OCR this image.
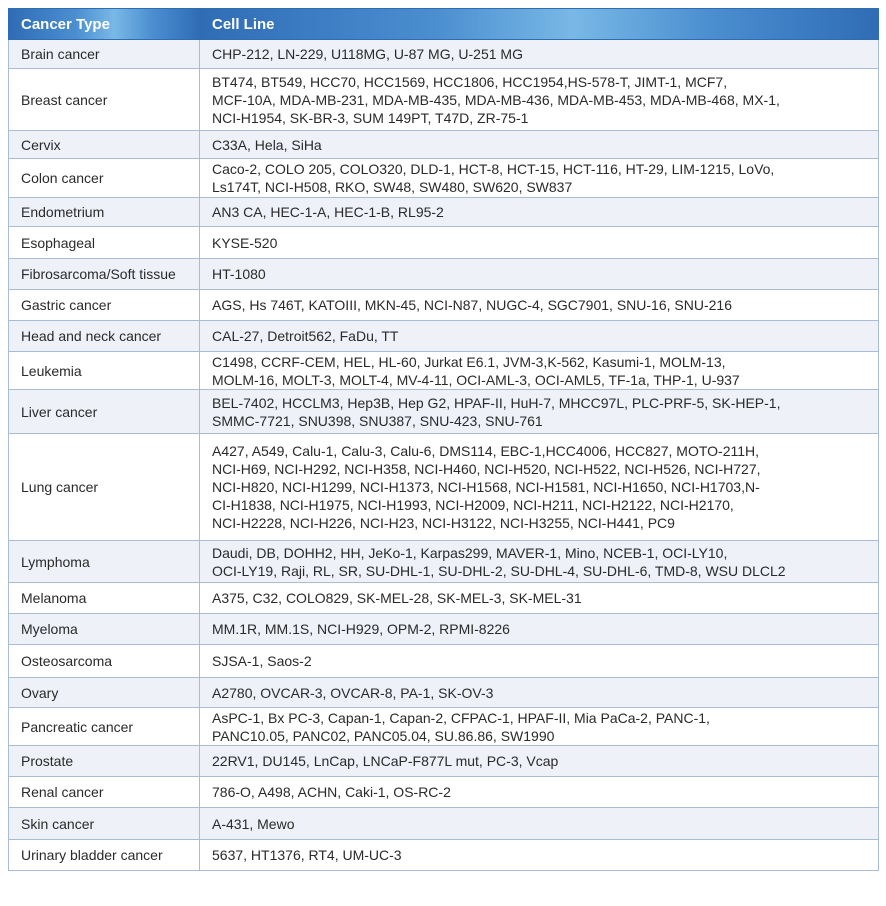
Cancer Type	Cell Line
Brain cancer	CHP-212, LN-229, U118MG, U-87 MG, U-251 MG
Breast cancer	BT474, BT549, HCC70, HCC1569, HCC1806, HCC1954,HS-578-T, JIMT-1, MCF7,
MCF-10A, MDA-MB-231, MDA-MB-435, MDA-MB-436, MDA-MB-453, MDA-MB-468, MX-1,
NCI-H1954, SK-BR-3, SUM 149PT, T47D, ZR-75-1
Cervix	C33A, Hela, SiHa
Colon cancer	Caco-2, COLO 205, COLO320, DLD-1, HCT-8, HCT-15, HCT-116, HT-29, LIM-1215, LoVo,
Ls174T, NCI-H508, RKO, SW48, SW480, SW620, SW837
Endometrium	AN3 CA, HEC-1-A, HEC-1-B, RL95-2
Esophageal	KYSE-520
Fibrosarcoma/Soft tissue	HT-1080
Gastric cancer	AGS, Hs 746T, KATOIII, MKN-45, NCI-N87, NUGC-4, SGC7901, SNU-16, SNU-216
Head and neck cancer	CAL-27, Detroit562, FaDu, TT
Leukemia	C1498, CCRF-CEM, HEL, HL-60, Jurkat E6.1, JVM-3,K-562, Kasumi-1, MOLM-13,
MOLM-16, MOLT-3, MOLT-4, MV-4-11, OCI-AML-3, OCI-AML5, TF-1a, THP-1, U-937
Liver cancer	BEL-7402, HCCLM3, Hep3B, Hep G2, HPAF-II, HuH-7, MHCC97L, PLC-PRF-5, SK-HEP-1,
SMMC-7721, SNU398, SNU387, SNU-423, SNU-761
Lung cancer	A427, A549, Calu-1, Calu-3, Calu-6, DMS114, EBC-1,HCC4006, HCC827, MOTO-211H,
NCI-H69, NCI-H292, NCI-H358, NCI-H460, NCI-H520, NCI-H522, NCI-H526, NCI-H727,
NCI-H820, NCI-H1299, NCI-H1373, NCI-H1568, NCI-H1581, NCI-H1650, NCI-H1703,N-
CI-H1838, NCI-H1975, NCI-H1993, NCI-H2009, NCI-H211, NCI-H2122, NCI-H2170,
NCI-H2228, NCI-H226, NCI-H23, NCI-H3122, NCI-H3255, NCI-H441, PC9
Lymphoma	Daudi, DB, DOHH2, HH, JeKo-1, Karpas299, MAVER-1, Mino, NCEB-1, OCI-LY10,
OCI-LY19, Raji, RL, SR, SU-DHL-1, SU-DHL-2, SU-DHL-4, SU-DHL-6, TMD-8, WSU DLCL2
Melanoma	A375, C32, COLO829, SK-MEL-28, SK-MEL-3, SK-MEL-31
Myeloma	MM.1R, MM.1S, NCI-H929, OPM-2, RPMI-8226
Osteosarcoma	SJSA-1, Saos-2
Ovary	A2780, OVCAR-3, OVCAR-8, PA-1, SK-OV-3
Pancreatic cancer	AsPC-1, Bx PC-3, Capan-1, Capan-2, CFPAC-1, HPAF-II, Mia PaCa-2, PANC-1,
PANC10.05, PANC02, PANC05.04, SU.86.86, SW1990
Prostate	22RV1, DU145, LnCap, LNCaP-F877L mut, PC-3, Vcap
Renal cancer	786-O, A498, ACHN, Caki-1, OS-RC-2
Skin cancer	A-431, Mewo
Urinary bladder cancer	5637, HT1376, RT4, UM-UC-3
